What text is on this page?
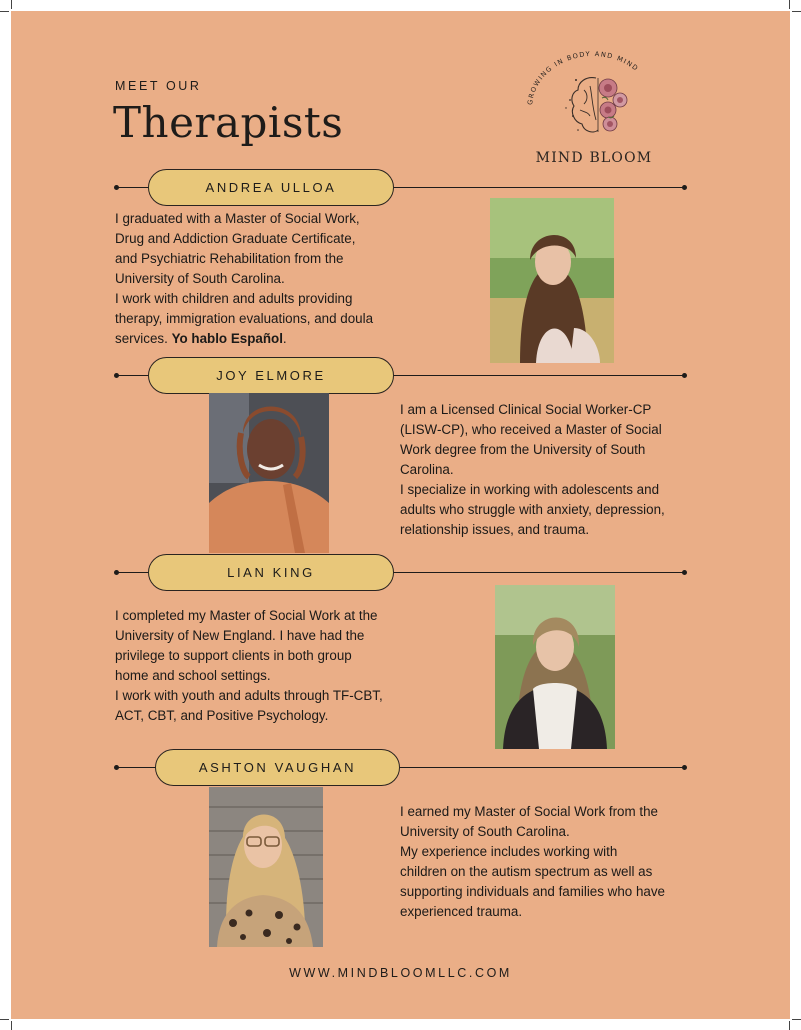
MEET OUR
Therapists	GROWING IN BODY AND MIND
MIND BLOOM
ANDREA ULLOA
I graduated with a Master of Social Work,
Drug and Addiction Graduate Certificate,
and Psychiatric Rehabilitation from the
University of South Carolina.
I work with children and adults providing
therapy, immigration evaluations, and doula
services. Yo hablo Español.
JOY ELMORE
I am a Licensed Clinical Social Worker-CP
(LISW-CP), who received a Master of Social
Work degree from the University of South
Carolina.
I specialize in working with adolescents and
adults who struggle with anxiety, depression,
relationship issues, and trauma.
LIAN KING
I completed my Master of Social Work at the
University of New England. I have had the
privilege to support clients in both group
home and school settings.
I work with youth and adults through TF-CBT,
ACT, CBT, and Positive Psychology.
ASHTON VAUGHAN
I earned my Master of Social Work from the
University of South Carolina.
My experience includes working with
children on the autism spectrum as well as
supporting individuals and families who have
experienced trauma.
WWW.MINDBLOOMLLC.COM
